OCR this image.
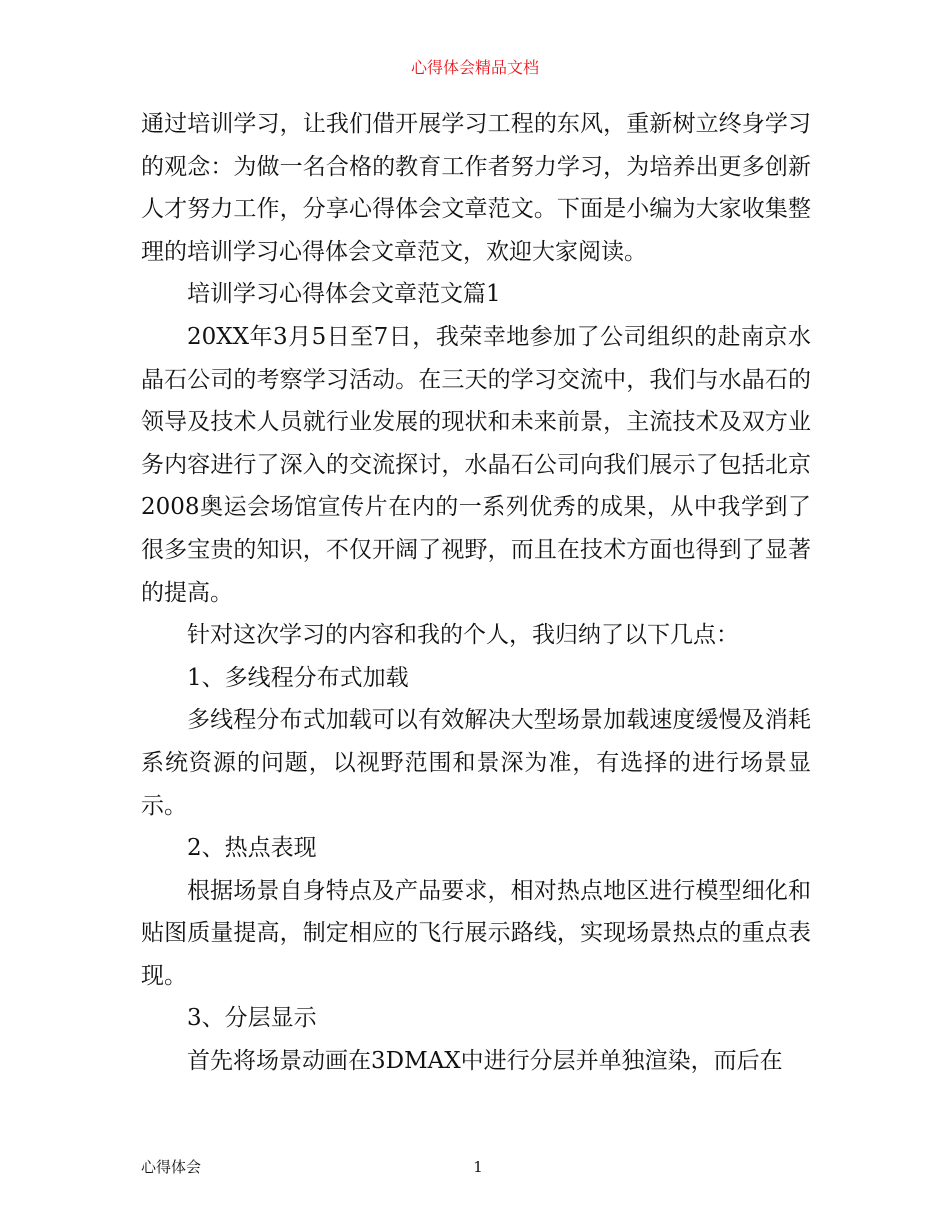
心得体会精品文档

通过培训学习，让我们借开展学习工程的东风，重新树立终身学习的观念：为做一名合格的教育工作者努力学习，为培养出更多创新人才努力工作，分享心得体会文章范文。下面是小编为大家收集整理的培训学习心得体会文章范文，欢迎大家阅读。

培训学习心得体会文章范文篇1

20XX年3月5日至7日，我荣幸地参加了公司组织的赴南京水晶石公司的考察学习活动。在三天的学习交流中，我们与水晶石的领导及技术人员就行业发展的现状和未来前景，主流技术及双方业务内容进行了深入的交流探讨，水晶石公司向我们展示了包括北京2008奥运会场馆宣传片在内的一系列优秀的成果，从中我学到了很多宝贵的知识，不仅开阔了视野，而且在技术方面也得到了显著的提高。

针对这次学习的内容和我的个人，我归纳了以下几点：

1、多线程分布式加载

多线程分布式加载可以有效解决大型场景加载速度缓慢及消耗系统资源的问题，以视野范围和景深为准，有选择的进行场景显示。

2、热点表现

根据场景自身特点及产品要求，相对热点地区进行模型细化和贴图质量提高，制定相应的飞行展示路线，实现场景热点的重点表现。

3、分层显示

首先将场景动画在3DMAX中进行分层并单独渲染，而后在

心得体会	1
